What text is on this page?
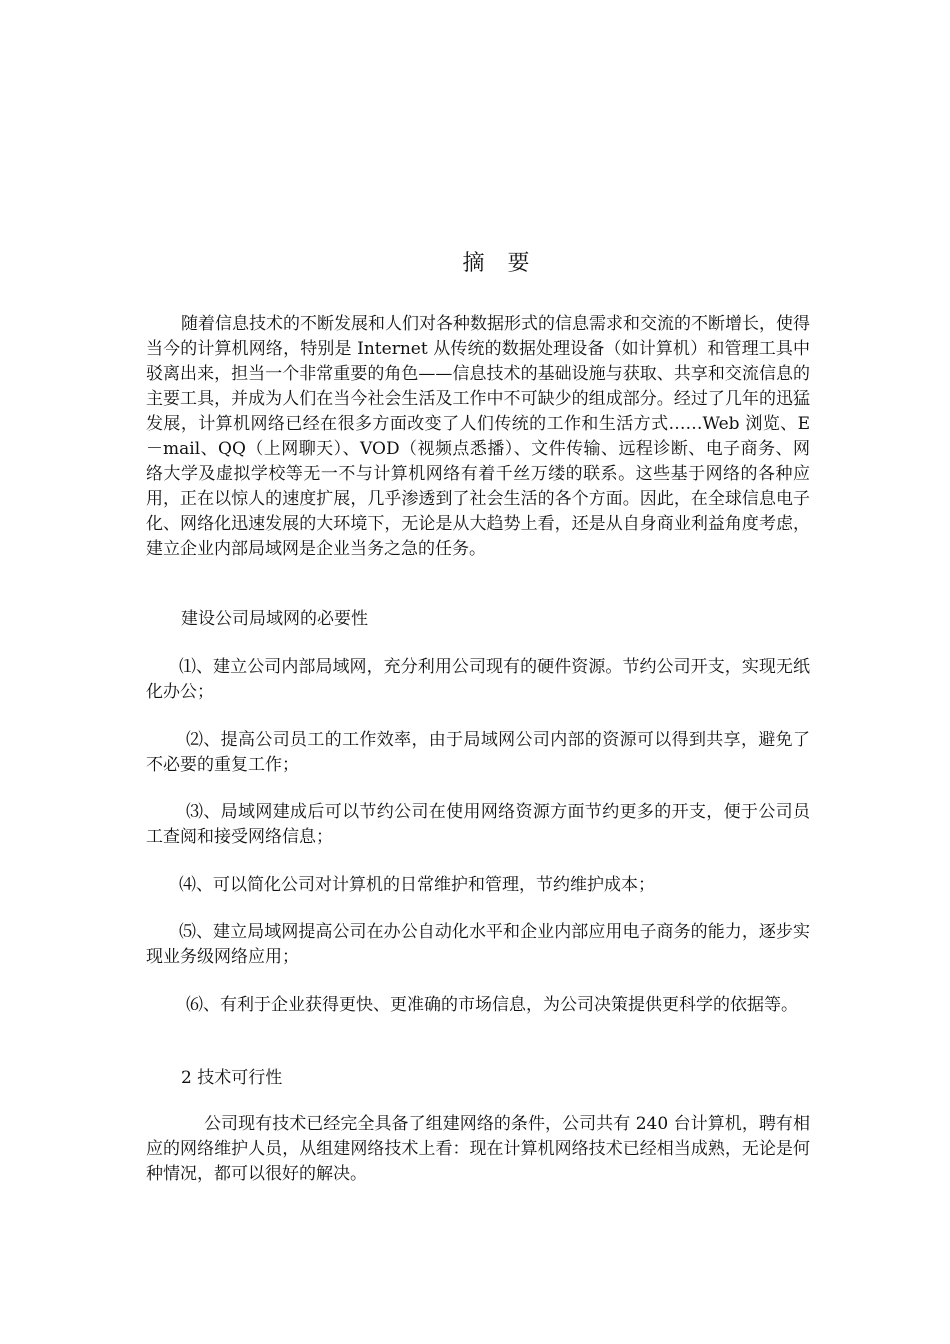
摘 要

随着信息技术的不断发展和人们对各种数据形式的信息需求和交流的不断增长，使得当今的计算机网络，特别是 Internet 从传统的数据处理设备（如计算机）和管理工具中驳离出来，担当一个非常重要的角色——信息技术的基础设施与获取、共享和交流信息的主要工具，并成为人们在当今社会生活及工作中不可缺少的组成部分。经过了几年的迅猛发展，计算机网络已经在很多方面改变了人们传统的工作和生活方式……Web 浏览、E－mail、QQ（上网聊天）、VOD（视频点悉播）、文件传输、远程诊断、电子商务、网络大学及虚拟学校等无一不与计算机网络有着千丝万缕的联系。这些基于网络的各种应用，正在以惊人的速度扩展，几乎渗透到了社会生活的各个方面。因此，在全球信息电子化、网络化迅速发展的大环境下，无论是从大趋势上看，还是从自身商业利益角度考虑，建立企业内部局域网是企业当务之急的任务。

建设公司局域网的必要性

⑴、建立公司内部局域网，充分利用公司现有的硬件资源。节约公司开支，实现无纸化办公；

⑵、提高公司员工的工作效率，由于局域网公司内部的资源可以得到共享，避免了不必要的重复工作；

⑶、局域网建成后可以节约公司在使用网络资源方面节约更多的开支，便于公司员工查阅和接受网络信息；

⑷、可以简化公司对计算机的日常维护和管理，节约维护成本；

⑸、建立局域网提高公司在办公自动化水平和企业内部应用电子商务的能力，逐步实现业务级网络应用；

⑹、有利于企业获得更快、更准确的市场信息，为公司决策提供更科学的依据等。

2 技术可行性

公司现有技术已经完全具备了组建网络的条件，公司共有 240 台计算机，聘有相应的网络维护人员，从组建网络技术上看：现在计算机网络技术已经相当成熟，无论是何种情况，都可以很好的解决。
